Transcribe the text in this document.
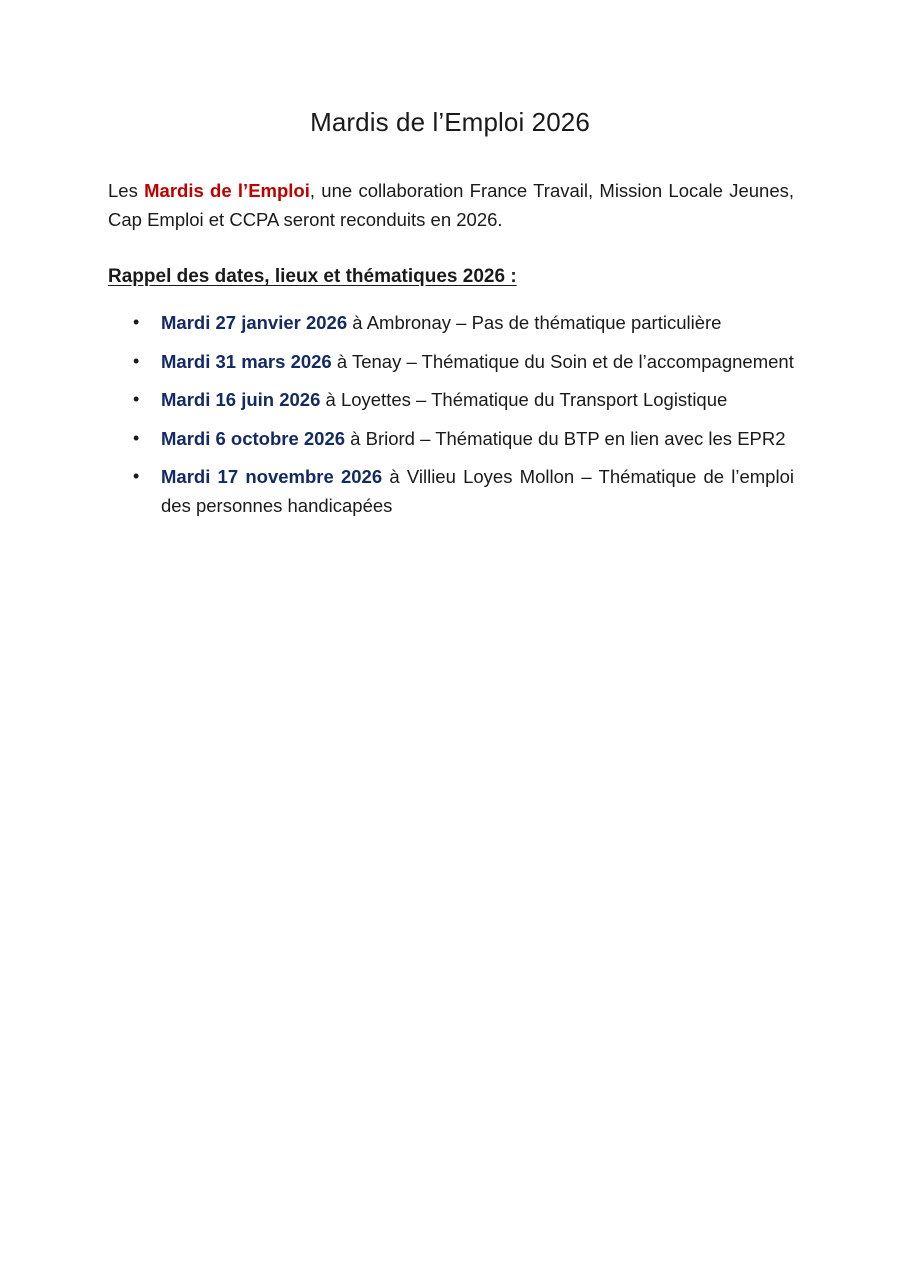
Mardis de l’Emploi 2026

Les Mardis de l’Emploi, une collaboration France Travail, Mission Locale Jeunes, Cap Emploi et CCPA seront reconduits en 2026.

Rappel des dates, lieux et thématiques 2026 :
• Mardi 27 janvier 2026 à Ambronay – Pas de thématique particulière
• Mardi 31 mars 2026 à Tenay – Thématique du Soin et de l’accompagnement
• Mardi 16 juin 2026 à Loyettes – Thématique du Transport Logistique
• Mardi 6 octobre 2026 à Briord – Thématique du BTP en lien avec les EPR2
• Mardi 17 novembre 2026 à Villieu Loyes Mollon – Thématique de l’emploi des personnes handicapées
